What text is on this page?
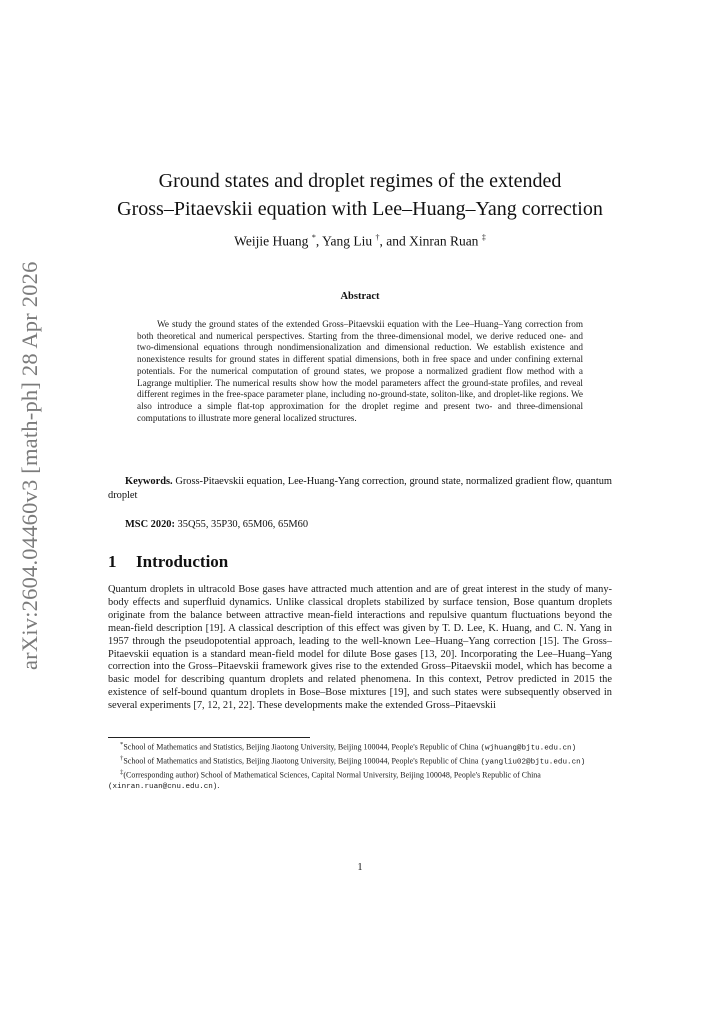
arXiv:2604.04460v3 [math-ph] 28 Apr 2026
Ground states and droplet regimes of the extended
Gross–Pitaevskii equation with Lee–Huang–Yang correction
Weijie Huang *, Yang Liu †, and Xinran Ruan ‡
Abstract
We study the ground states of the extended Gross–Pitaevskii equation with the Lee–Huang–Yang correction from both theoretical and numerical perspectives. Starting from the three-dimensional model, we derive reduced one- and two-dimensional equations through nondimensionalization and dimensional reduction. We establish existence and nonexistence results for ground states in different spatial dimensions, both in free space and under confining external potentials. For the numerical computation of ground states, we propose a normalized gradient flow method with a Lagrange multiplier. The numerical results show how the model parameters affect the ground-state profiles, and reveal different regimes in the free-space parameter plane, including no-ground-state, soliton-like, and droplet-like regions. We also introduce a simple flat-top approximation for the droplet regime and present two- and three-dimensional computations to illustrate more general localized structures.
Keywords. Gross-Pitaevskii equation, Lee-Huang-Yang correction, ground state, normalized gradient flow, quantum droplet
MSC 2020: 35Q55, 35P30, 65M06, 65M60
1 Introduction
Quantum droplets in ultracold Bose gases have attracted much attention and are of great interest in the study of many-body effects and superfluid dynamics. Unlike classical droplets stabilized by surface tension, Bose quantum droplets originate from the balance between attractive mean-field interactions and repulsive quantum fluctuations beyond the mean-field description [19]. A classical description of this effect was given by T. D. Lee, K. Huang, and C. N. Yang in 1957 through the pseudopotential approach, leading to the well-known Lee–Huang–Yang correction [15]. The Gross–Pitaevskii equation is a standard mean-field model for dilute Bose gases [13, 20]. Incorporating the Lee–Huang–Yang correction into the Gross–Pitaevskii framework gives rise to the extended Gross–Pitaevskii model, which has become a basic model for describing quantum droplets and related phenomena. In this context, Petrov predicted in 2015 the existence of self-bound quantum droplets in Bose–Bose mixtures [19], and such states were subsequently observed in several experiments [7, 12, 21, 22]. These developments make the extended Gross–Pitaevskii

*School of Mathematics and Statistics, Beijing Jiaotong University, Beijing 100044, People's Republic of China (wjhuang@bjtu.edu.cn)

†School of Mathematics and Statistics, Beijing Jiaotong University, Beijing 100044, People's Republic of China (yangliu02@bjtu.edu.cn)

‡(Corresponding author) School of Mathematical Sciences, Capital Normal University, Beijing 100048, People's Republic of China (xinran.ruan@cnu.edu.cn).

1
